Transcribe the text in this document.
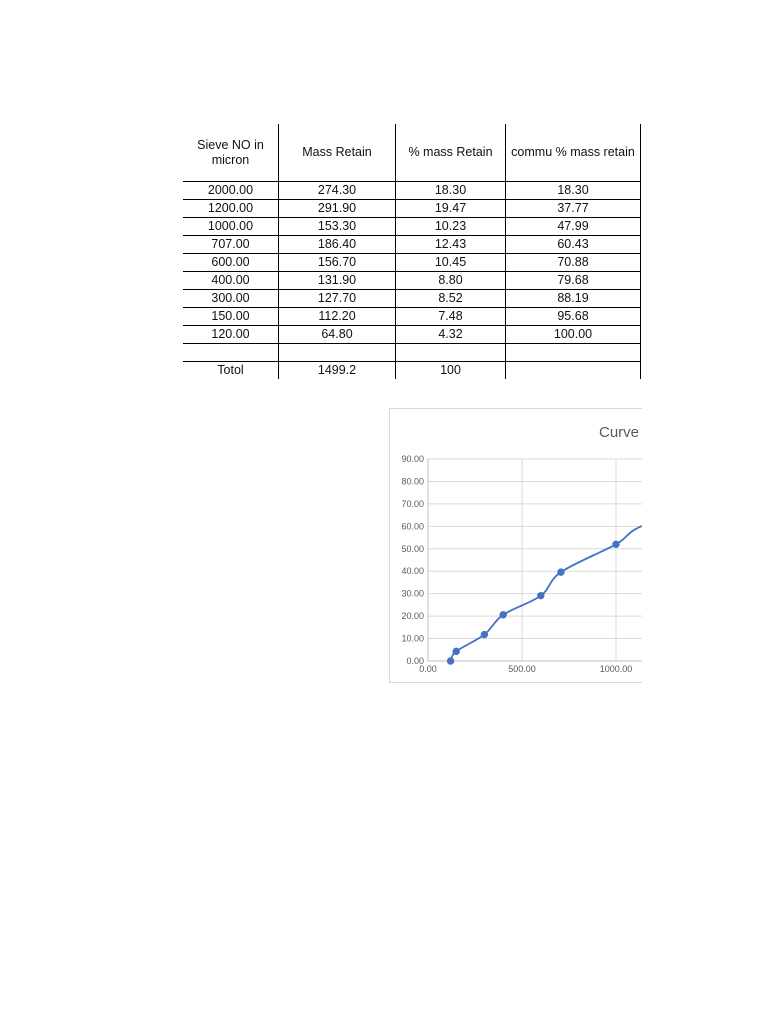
Sieve NO in micron	Mass Retain	% mass Retain	commu % mass retain
2000.00	274.30	18.30	18.30
1200.00	291.90	19.47	37.77
1000.00	153.30	10.23	47.99
707.00	186.40	12.43	60.43
600.00	156.70	10.45	70.88
400.00	131.90	8.80	79.68
300.00	127.70	8.52	88.19
150.00	112.20	7.48	95.68
120.00	64.80	4.32	100.00

Totol	1499.2	100	
Curve
0.00
10.00
20.00
30.00
40.00
50.00
60.00
70.00
80.00
90.00
0.00	500.00	1000.00
